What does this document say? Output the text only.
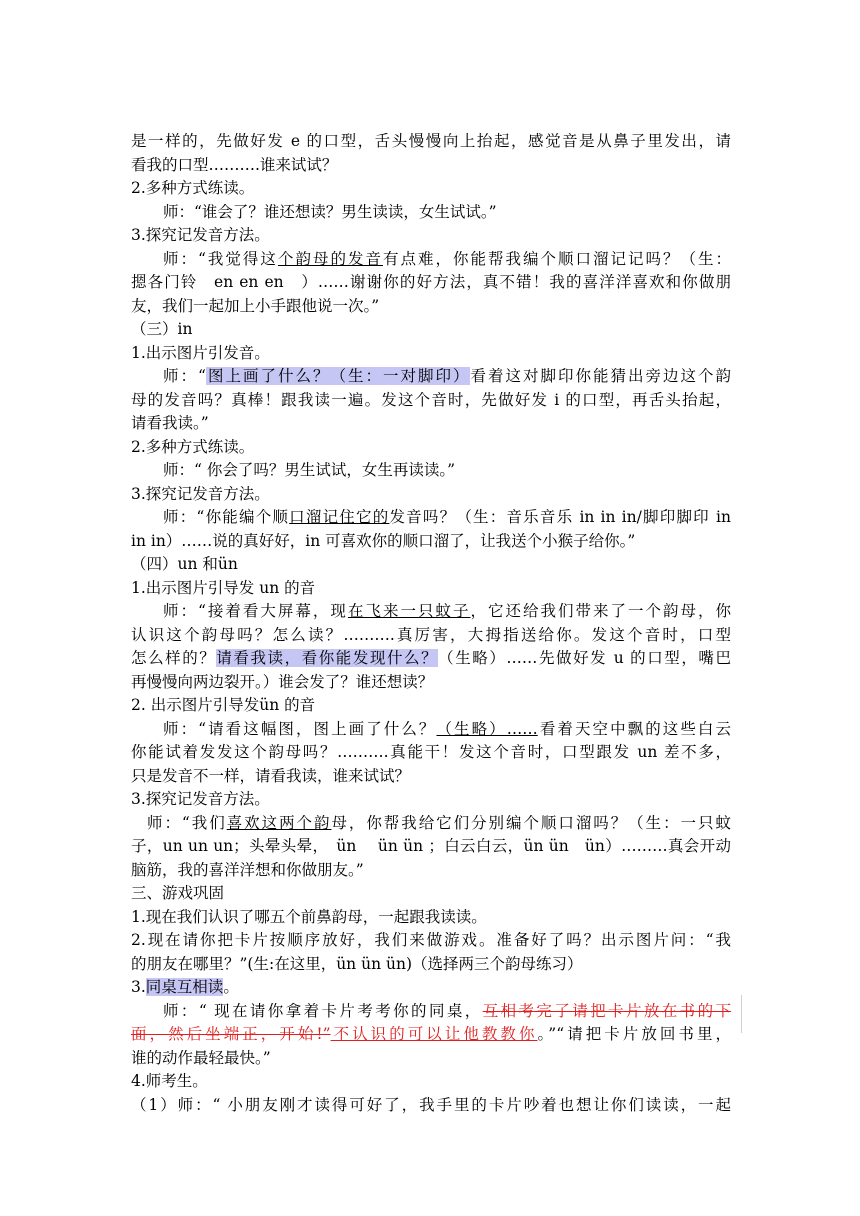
是一样的，先做好发 e 的口型，舌头慢慢向上抬起，感觉音是从鼻子里发出，请
看我的口型……….谁来试试？
2.多种方式练读。
师：“谁会了？谁还想读？男生读读，女生试试。”
3.探究记发音方法。
师：“我觉得这个韵母的发音有点难，你能帮我编个顺口溜记记吗？（生：
摁各门铃　en en en　）……谢谢你的好方法，真不错！我的喜洋洋喜欢和你做朋
友，我们一起加上小手跟他说一次。”
（三）in
1.出示图片引发音。
师：“图上画了什么？（生：一对脚印）看着这对脚印你能猜出旁边这个韵
母的发音吗？真棒！跟我读一遍。发这个音时，先做好发 i 的口型，再舌头抬起，
请看我读。”
2.多种方式练读。
师：“ 你会了吗？男生试试，女生再读读。”
3.探究记发音方法。
师：“你能编个顺口溜记住它的发音吗？（生：音乐音乐 in in in/脚印脚印 in
in in）……说的真好好，in 可喜欢你的顺口溜了，让我送个小猴子给你。”
（四）un 和ün
1.出示图片引导发 un 的音
师：“接着看大屏幕，现在飞来一只蚊子，它还给我们带来了一个韵母，你
认识这个韵母吗？怎么读？……….真厉害，大拇指送给你。发这个音时，口型
怎么样的？请看我读，看你能发现什么？（生略）……先做好发 u 的口型，嘴巴
再慢慢向两边裂开。）谁会发了？谁还想读？
2. 出示图片引导发ün 的音
师：“请看这幅图，图上画了什么？（生略）……看着天空中飘的这些白云
你能试着发发这个韵母吗？……….真能干！发这个音时，口型跟发 un 差不多，
只是发音不一样，请看我读，谁来试试？
3.探究记发音方法。
师：“我们喜欢这两个韵母，你帮我给它们分别编个顺口溜吗？（生：一只蚊
子，un un un；头晕头晕，　ün　 ün ün ；白云白云，ün ün　ün）………真会开动
脑筋，我的喜洋洋想和你做朋友。”
三、游戏巩固
1.现在我们认识了哪五个前鼻韵母，一起跟我读读。
2.现在请你把卡片按顺序放好，我们来做游戏。准备好了吗？出示图片问：“我
的朋友在哪里？”(生:在这里，ün ün ün)（选择两三个韵母练习）
3.同桌互相读。
师：“ 现在请你拿着卡片考考你的同桌，互相考完了请把卡片放在书的下
面，然后坐端正，开始!”不认识的可以让他教教你。”“请把卡片放回书里，
谁的动作最轻最快。”
4.师考生。
（1）师：“ 小朋友刚才读得可好了，我手里的卡片吵着也想让你们读读，一起
